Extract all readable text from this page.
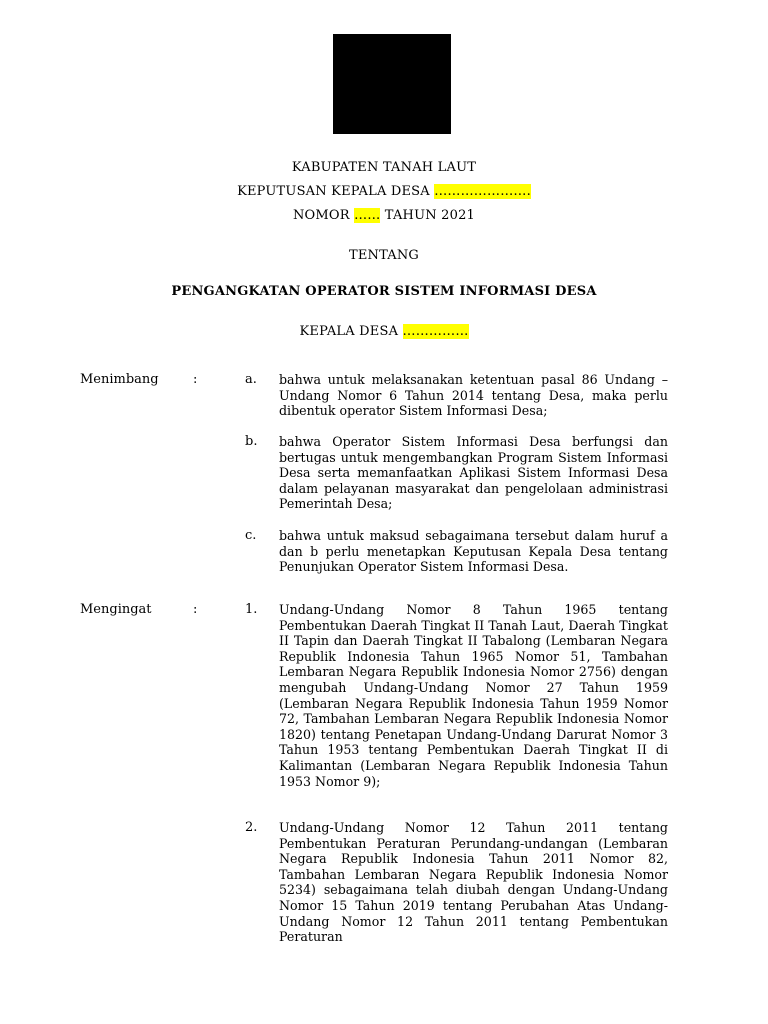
KABUPATEN TANAH LAUT
KEPUTUSAN KEPALA DESA ………………….
NOMOR …… TAHUN 2021
TENTANG
PENGANGKATAN OPERATOR SISTEM INFORMASI DESA
KEPALA DESA ……………
Menimbang	:	a. bahwa untuk melaksanakan ketentuan pasal 86 Undang – Undang Nomor 6 Tahun 2014 tentang Desa, maka perlu dibentuk operator Sistem Informasi Desa;
b. bahwa Operator Sistem Informasi Desa berfungsi dan bertugas untuk mengembangkan Program Sistem Informasi Desa serta memanfaatkan Aplikasi Sistem Informasi Desa dalam pelayanan masyarakat dan pengelolaan administrasi Pemerintah Desa;
c. bahwa untuk maksud sebagaimana tersebut dalam huruf a dan b perlu menetapkan Keputusan Kepala Desa tentang Penunjukan Operator Sistem Informasi Desa.
Mengingat	:	1. Undang-Undang Nomor 8 Tahun 1965 tentang Pembentukan Daerah Tingkat II Tanah Laut, Daerah Tingkat II Tapin dan Daerah Tingkat II Tabalong (Lembaran Negara Republik Indonesia Tahun 1965 Nomor 51, Tambahan Lembaran Negara Republik Indonesia Nomor 2756) dengan mengubah Undang-Undang Nomor 27 Tahun 1959 (Lembaran Negara Republik Indonesia Tahun 1959 Nomor 72, Tambahan Lembaran Negara Republik Indonesia Nomor 1820) tentang Penetapan Undang-Undang Darurat Nomor 3 Tahun 1953 tentang Pembentukan Daerah Tingkat II di Kalimantan (Lembaran Negara Republik Indonesia Tahun 1953 Nomor 9);
2. Undang-Undang Nomor 12 Tahun 2011 tentang Pembentukan Peraturan Perundang-undangan (Lembaran Negara Republik Indonesia Tahun 2011 Nomor 82, Tambahan Lembaran Negara Republik Indonesia Nomor 5234) sebagaimana telah diubah dengan Undang-Undang Nomor 15 Tahun 2019 tentang Perubahan Atas Undang-Undang Nomor 12 Tahun 2011 tentang Pembentukan Peraturan
